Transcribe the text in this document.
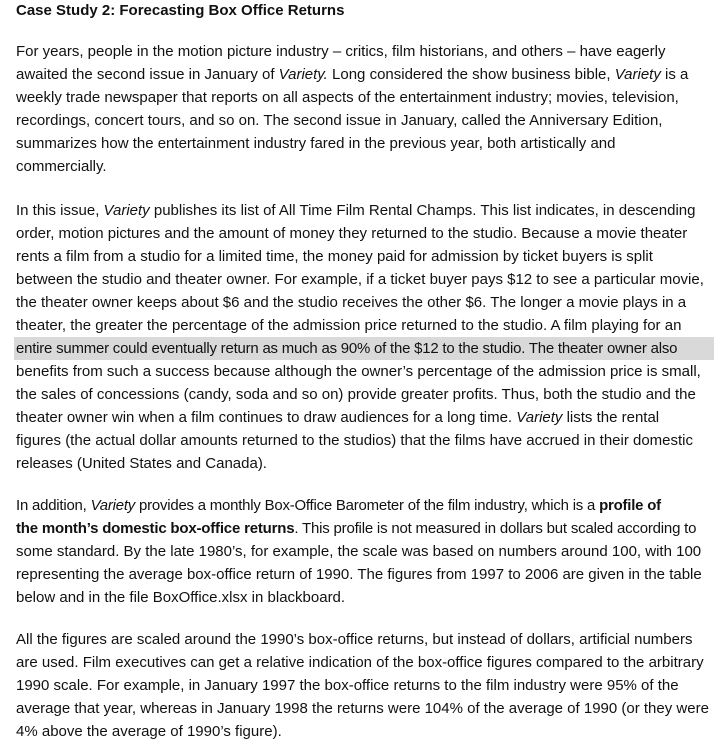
Case Study 2: Forecasting Box Office Returns
For years, people in the motion picture industry – critics, film historians, and others – have eagerly
awaited the second issue in January of Variety. Long considered the show business bible, Variety is a
weekly trade newspaper that reports on all aspects of the entertainment industry; movies, television,
recordings, concert tours, and so on. The second issue in January, called the Anniversary Edition,
summarizes how the entertainment industry fared in the previous year, both artistically and
commercially.
In this issue, Variety publishes its list of All Time Film Rental Champs. This list indicates, in descending
order, motion pictures and the amount of money they returned to the studio. Because a movie theater
rents a film from a studio for a limited time, the money paid for admission by ticket buyers is split
between the studio and theater owner. For example, if a ticket buyer pays $12 to see a particular movie,
the theater owner keeps about $6 and the studio receives the other $6. The longer a movie plays in a
theater, the greater the percentage of the admission price returned to the studio. A film playing for an
entire summer could eventually return as much as 90% of the $12 to the studio. The theater owner also
benefits from such a success because although the owner’s percentage of the admission price is small,
the sales of concessions (candy, soda and so on) provide greater profits. Thus, both the studio and the
theater owner win when a film continues to draw audiences for a long time. Variety lists the rental
figures (the actual dollar amounts returned to the studios) that the films have accrued in their domestic
releases (United States and Canada).
In addition, Variety provides a monthly Box-Office Barometer of the film industry, which is a profile of
the month’s domestic box-office returns. This profile is not measured in dollars but scaled according to
some standard. By the late 1980’s, for example, the scale was based on numbers around 100, with 100
representing the average box-office return of 1990. The figures from 1997 to 2006 are given in the table
below and in the file BoxOffice.xlsx in blackboard.
All the figures are scaled around the 1990’s box-office returns, but instead of dollars, artificial numbers
are used. Film executives can get a relative indication of the box-office figures compared to the arbitrary
1990 scale. For example, in January 1997 the box-office returns to the film industry were 95% of the
average that year, whereas in January 1998 the returns were 104% of the average of 1990 (or they were
4% above the average of 1990’s figure).
